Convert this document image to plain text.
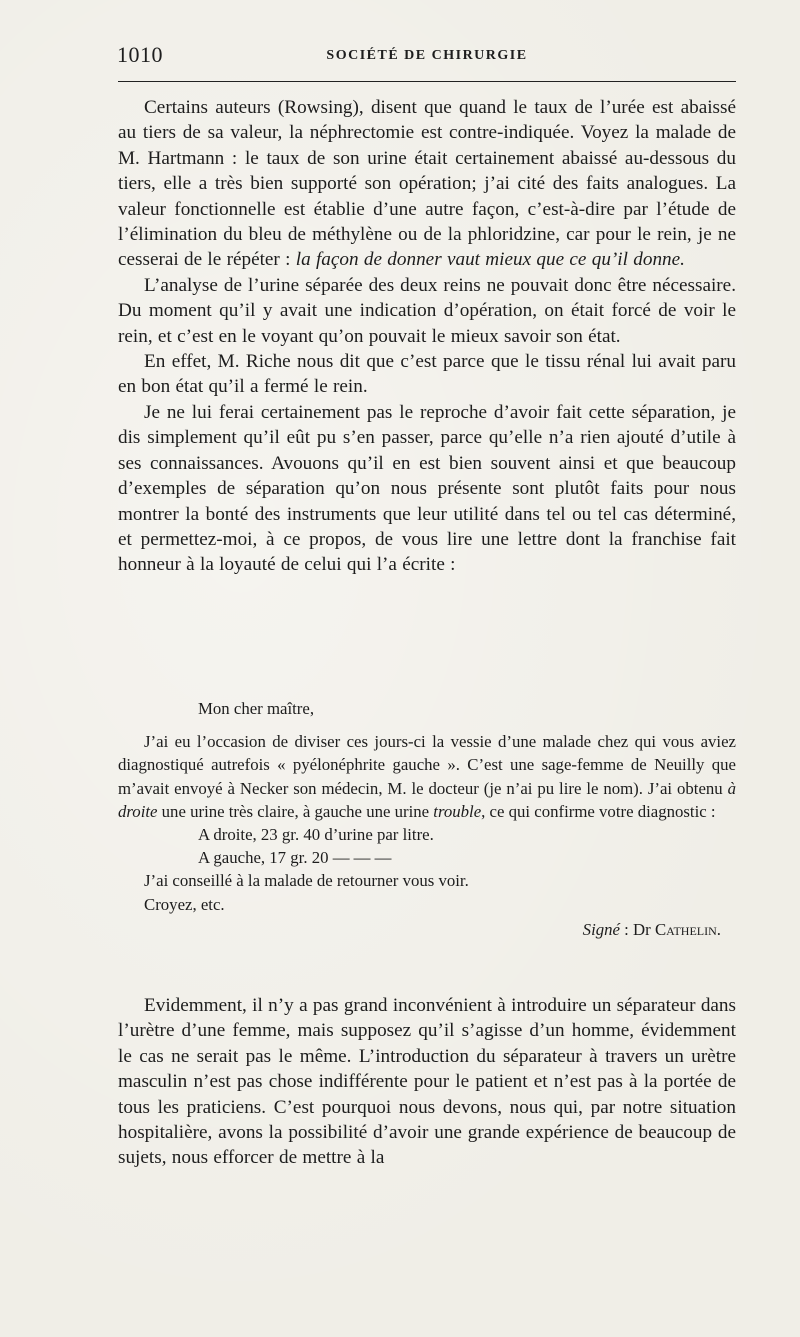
1010	SOCIÉTÉ DE CHIRURGIE

Certains auteurs (Rowsing), disent que quand le taux de l’urée est abaissé au tiers de sa valeur, la néphrectomie est contre-indiquée. Voyez la malade de M. Hartmann : le taux de son urine était certainement abaissé au-dessous du tiers, elle a très bien supporté son opération; j’ai cité des faits analogues. La valeur fonctionnelle est établie d’une autre façon, c’est-à-dire par l’étude de l’élimination du bleu de méthylène ou de la phloridzine, car pour le rein, je ne cesserai de le répéter : la façon de donner vaut mieux que ce qu’il donne.

L’analyse de l’urine séparée des deux reins ne pouvait donc être nécessaire. Du moment qu’il y avait une indication d’opération, on était forcé de voir le rein, et c’est en le voyant qu’on pouvait le mieux savoir son état.

En effet, M. Riche nous dit que c’est parce que le tissu rénal lui avait paru en bon état qu’il a fermé le rein.

Je ne lui ferai certainement pas le reproche d’avoir fait cette séparation, je dis simplement qu’il eût pu s’en passer, parce qu’elle n’a rien ajouté d’utile à ses connaissances. Avouons qu’il en est bien souvent ainsi et que beaucoup d’exemples de séparation qu’on nous présente sont plutôt faits pour nous montrer la bonté des instruments que leur utilité dans tel ou tel cas déterminé, et permettez-moi, à ce propos, de vous lire une lettre dont la franchise fait honneur à la loyauté de celui qui l’a écrite :

Mon cher maître,

J’ai eu l’occasion de diviser ces jours-ci la vessie d’une malade chez qui vous aviez diagnostiqué autrefois « pyélonéphrite gauche ». C’est une sage-femme de Neuilly que m’avait envoyé à Necker son médecin, M. le docteur (je n’ai pu lire le nom). J’ai obtenu à droite une urine très claire, à gauche une urine trouble, ce qui confirme votre diagnostic :

A droite, 23 gr. 40 d’urine par litre.

A gauche, 17 gr. 20 — — —

J’ai conseillé à la malade de retourner vous voir.

Croyez, etc.

Signé : Dr Cathelin.

Evidemment, il n’y a pas grand inconvénient à introduire un séparateur dans l’urètre d’une femme, mais supposez qu’il s’agisse d’un homme, évidemment le cas ne serait pas le même. L’introduction du séparateur à travers un urètre masculin n’est pas chose indifférente pour le patient et n’est pas à la portée de tous les praticiens. C’est pourquoi nous devons, nous qui, par notre situation hospitalière, avons la possibilité d’avoir une grande expérience de beaucoup de sujets, nous efforcer de mettre à la
